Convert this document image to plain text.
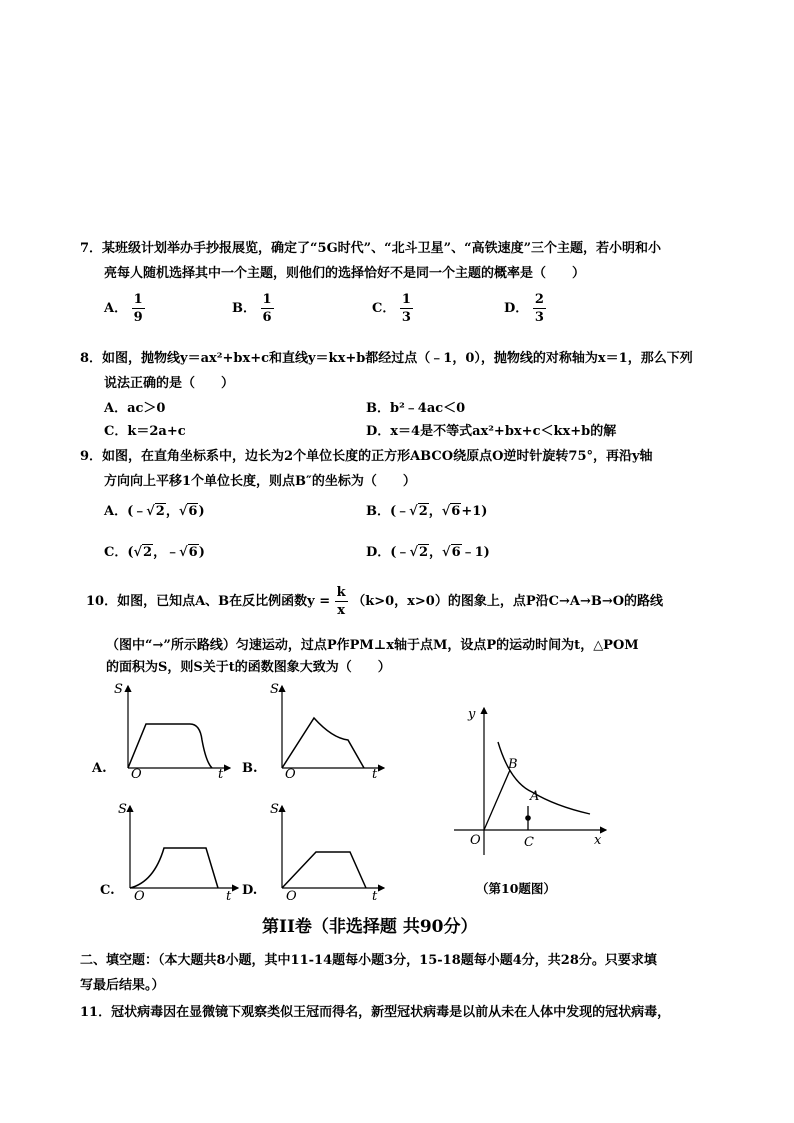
7．某班级计划举办手抄报展览，确定了“5G时代”、“北斗卫星”、“高铁速度”三个主题，若小明和小
亮每人随机选择其中一个主题，则他们的选择恰好不是同一个主题的概率是（　　）
A． $\frac{1}{9}$	B． $\frac{1}{6}$	C． $\frac{1}{3}$	D． $\frac{2}{3}$
8．如图，抛物线y＝ax²+bx+c和直线y＝kx+b都经过点（﹣1，0），抛物线的对称轴为x＝1，那么下列
说法正确的是（　　）
A．ac＞0	B．b²﹣4ac＜0
C．k＝2a+c	D．x＝4是不等式ax²+bx+c＜kx+b的解
9．如图，在直角坐标系中，边长为2个单位长度的正方形ABCO绕原点O逆时针旋转75°，再沿y轴
方向向上平移1个单位长度，则点B″的坐标为（　　）
A．(﹣√2，√6)	B．(﹣√2，√6+1)
C．(√2，﹣√6)	D．(﹣√2，√6﹣1)
10．如图，已知点A、B在反比例函数$y = \frac{k}{x} (k>0$，x>0）的图象上，点P沿C→A→B→O的路线
（图中“→”所示路线）匀速运动，过点P作PM⊥x轴于点M，设点P的运动时间为t，△POM
的面积为S，则S关于t的函数图象大致为（　　）
S
O	t
A.
S
O	t
B.
S
O	t
C.
S
O	t
D.
y
x
O
B
A
C
（第10题图）
第II卷（非选择题 共90分）
二、填空题：（本大题共8小题，其中11-14题每小题3分，15-18题每小题4分，共28分。只要求填
写最后结果。）
11．冠状病毒因在显微镜下观察类似王冠而得名，新型冠状病毒是以前从未在人体中发现的冠状病毒，
